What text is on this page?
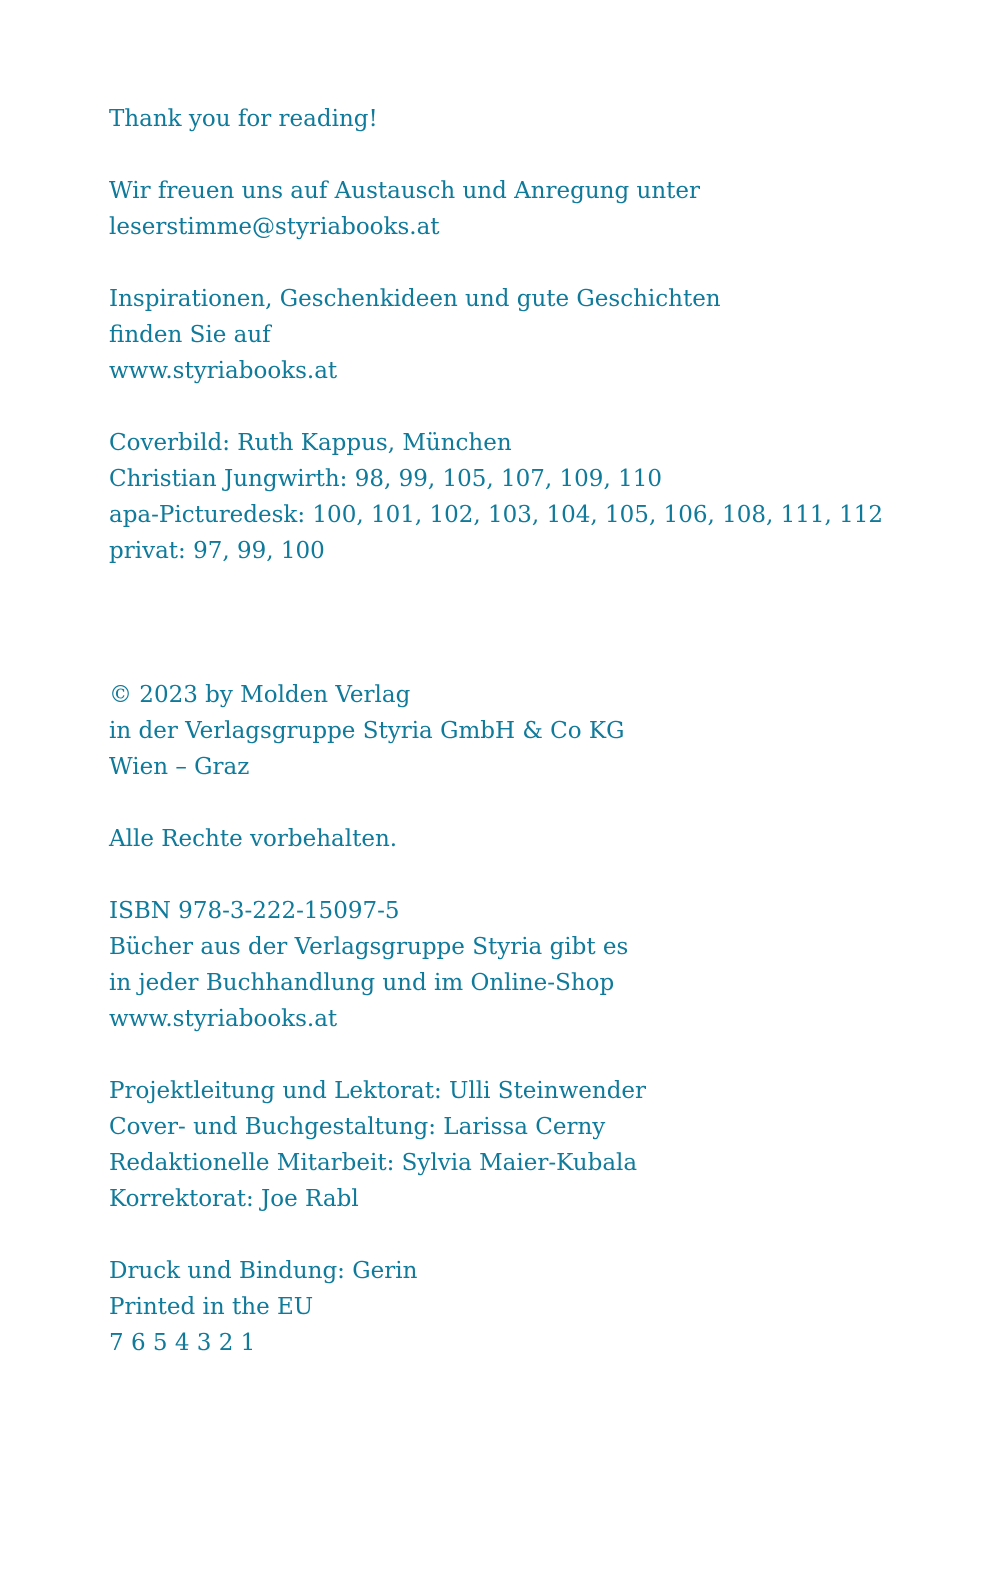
Thank you for reading!

Wir freuen uns auf Austausch und Anregung unter
leserstimme@styriabooks.at

Inspirationen, Geschenkideen und gute Geschichten
finden Sie auf
www.styriabooks.at

Coverbild: Ruth Kappus, München
Christian Jungwirth: 98, 99, 105, 107, 109, 110
apa-Picturedesk: 100, 101, 102, 103, 104, 105, 106, 108, 111, 112
privat: 97, 99, 100

© 2023 by Molden Verlag
in der Verlagsgruppe Styria GmbH & Co KG
Wien – Graz

Alle Rechte vorbehalten.

ISBN 978-3-222-15097-5
Bücher aus der Verlagsgruppe Styria gibt es
in jeder Buchhandlung und im Online-Shop
www.styriabooks.at

Projektleitung und Lektorat: Ulli Steinwender
Cover- und Buchgestaltung: Larissa Cerny
Redaktionelle Mitarbeit: Sylvia Maier-Kubala
Korrektorat: Joe Rabl

Druck und Bindung: Gerin
Printed in the EU
7 6 5 4 3 2 1
